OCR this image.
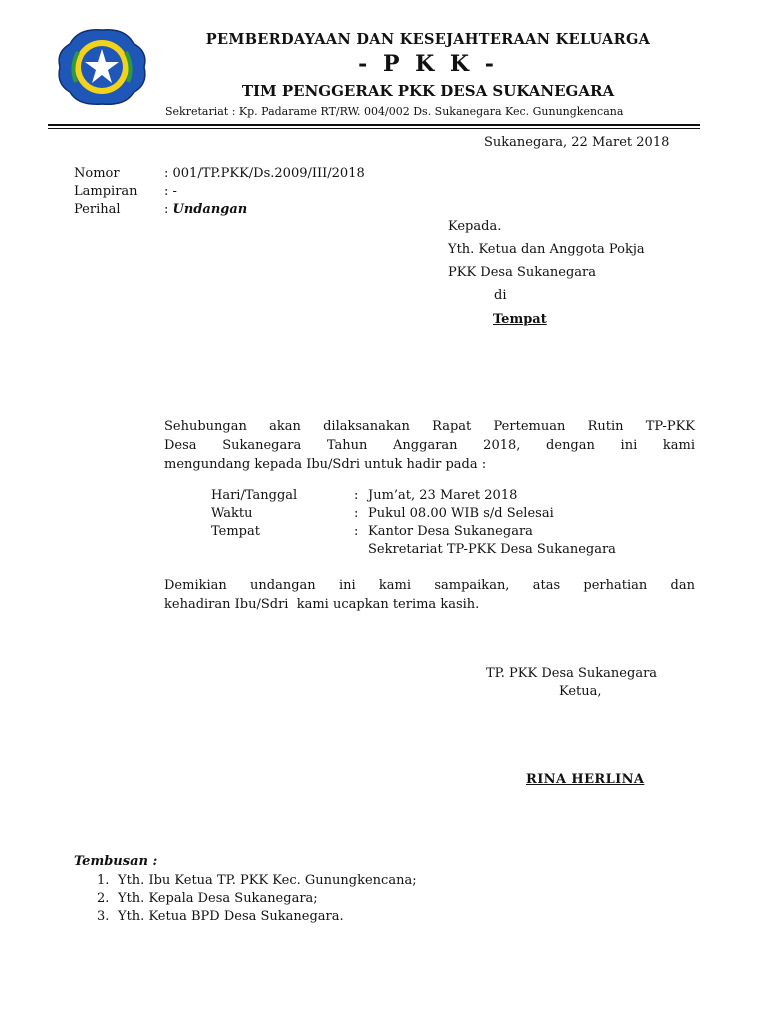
PEMBERDAYAAN DAN KESEJAHTERAAN KELUARGA
- P K K -
TIM PENGGERAK PKK DESA SUKANEGARA
Sekretariat : Kp. Padarame RT/RW. 004/002 Ds. Sukanegara Kec. Gunungkencana
Sukanegara, 22 Maret 2018
Nomor	: 001/TP.PKK/Ds.2009/III/2018
Lampiran : -
Perihal	: Undangan
Kepada.
Yth. Ketua dan Anggota Pokja
PKK Desa Sukanegara
di
Tempat
Sehubungan akan dilaksanakan Rapat Pertemuan Rutin TP-PKK
Desa Sukanegara Tahun Anggaran 2018, dengan ini kami
mengundang kepada Ibu/Sdri untuk hadir pada :
Hari/Tanggal	: Jum’at, 23 Maret 2018
Waktu	: Pukul 08.00 WIB s/d Selesai
Tempat	: Kantor Desa Sukanegara
Sekretariat TP-PKK Desa Sukanegara
Demikian undangan ini kami sampaikan, atas perhatian dan
kehadiran Ibu/Sdri  kami ucapkan terima kasih.
TP. PKK Desa Sukanegara
Ketua,
RINA HERLINA
Tembusan :
1. Yth. Ibu Ketua TP. PKK Kec. Gunungkencana;
2. Yth. Kepala Desa Sukanegara;
3. Yth. Ketua BPD Desa Sukanegara.
